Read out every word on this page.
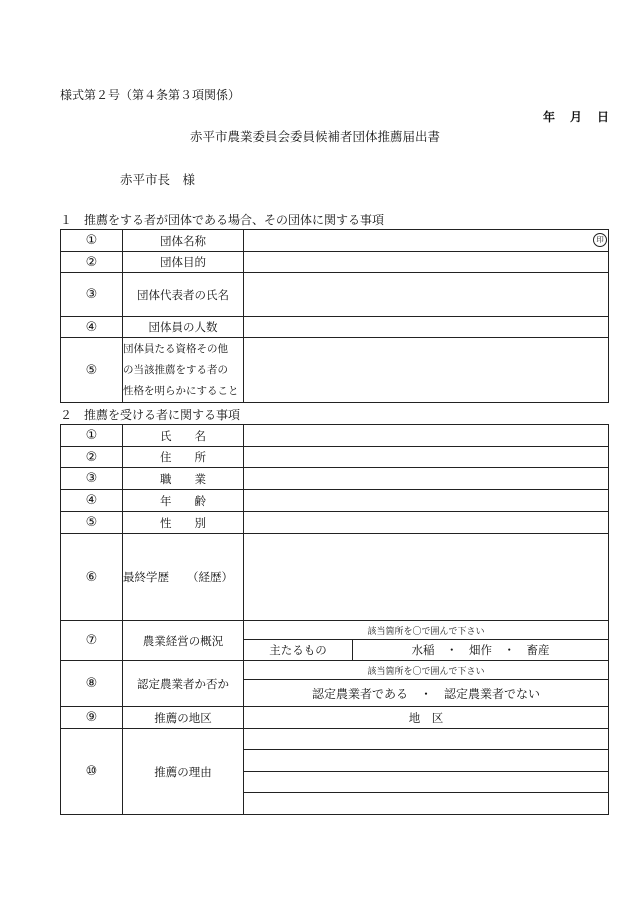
様式第２号（第４条第３項関係）
年 月 日
赤平市農業委員会委員候補者団体推薦届出書
赤平市長　様
１　推薦をする者が団体である場合、その団体に関する事項
①	団体名称	印

②	団体目的	
③	団体代表者の氏名	
④	団体員の人数	
⑤	団体員たる資格その他
の当該推薦をする者の
性格を明らかにすること	

２　推薦を受ける者に関する事項
①	氏　　名		
②	住　　所		
③	職　　業		
④	年　　齢		
⑤	性　　別		
⑥	最終学歴 （経歴）		
⑦	農業経営の概況	該当箇所を〇で囲んで下さい	
		主たるもの	水稲　・　畑作　・　畜産
⑧	認定農業者か否か	該当箇所を〇で囲んで下さい	
		認定農業者である　・　認定農業者でない	
⑨	推薦の地区	地　区	
⑩	推薦の理由		
